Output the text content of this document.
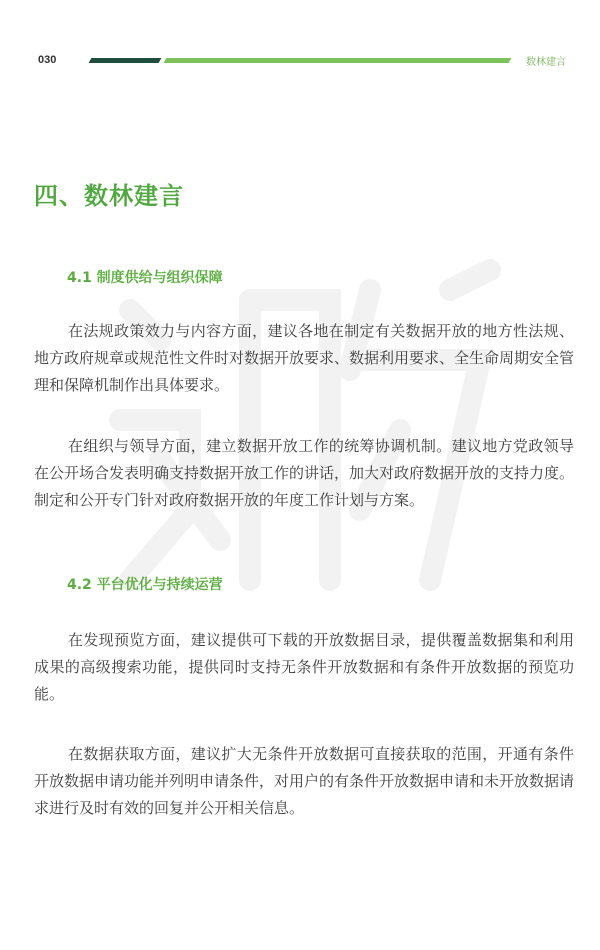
030	数林建言
四、数林建言
4.1 制度供给与组织保障

在法规政策效力与内容方面，建议各地在制定有关数据开放的地方性法规、 地方政府规章或规范性文件时对数据开放要求、数据利用要求、全生命周期安全管理和保障机制作出具体要求。

在组织与领导方面，建立数据开放工作的统筹协调机制。建议地方党政领导在公开场合发表明确支持数据开放工作的讲话，加大对政府数据开放的支持力度。制定和公开专门针对政府数据开放的年度工作计划与方案。

4.2 平台优化与持续运营

在发现预览方面，建议提供可下载的开放数据目录，提供覆盖数据集和利用成果的高级搜索功能，提供同时支持无条件开放数据和有条件开放数据的预览功能。

在数据获取方面，建议扩大无条件开放数据可直接获取的范围，开通有条件开放数据申请功能并列明申请条件，对用户的有条件开放数据申请和未开放数据请求进行及时有效的回复并公开相关信息。
